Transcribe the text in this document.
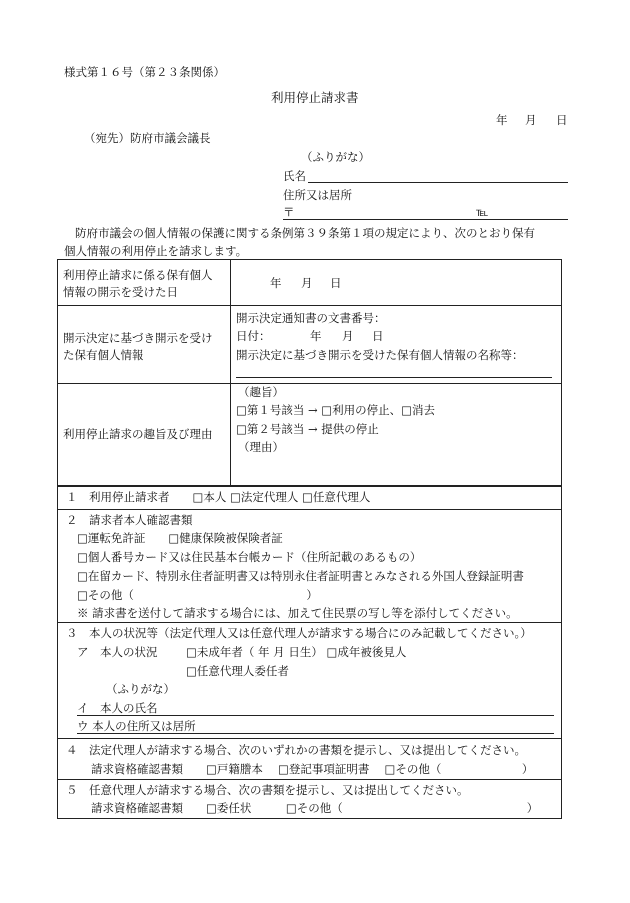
様式第１６号（第２３条関係）
利用停止請求書
年 月 日
（宛先）防府市議会議長
（ふりがな）
氏名
住所又は居所
〒	℡
防府市議会の個人情報の保護に関する条例第３９条第１項の規定により、次のとおり保有
個人情報の利用停止を請求します。
利用停止請求に係る保有個人
情報の開示を受けた日
年 月 日
開示決定に基づき開示を受け
た保有個人情報
開示決定通知書の文書番号：
日付：	年 月 日
開示決定に基づき開示を受けた保有個人情報の名称等：
利用停止請求の趣旨及び理由
（趣旨）
□第１号該当 → □利用の停止、□消去
□第２号該当 → 提供の停止
（理由）
１　利用停止請求者　　□本人 □法定代理人 □任意代理人
２　請求者本人確認書類
□運転免許証　　□健康保険被保険者証
□個人番号カード又は住民基本台帳カード（住所記載のあるもの）
□在留カード、特別永住者証明書又は特別永住者証明書とみなされる外国人登録証明書
□その他（　　　　　　　　　　　　　　　）
※ 請求書を送付して請求する場合には、加えて住民票の写し等を添付してください。
３　本人の状況等（法定代理人又は任意代理人が請求する場合にのみ記載してください。）
ア　本人の状況 □未成年者（ 年 月 日生） □成年被後見人
□任意代理人委任者
（ふりがな）
イ　本人の氏名
ウ 本人の住所又は居所
４　法定代理人が請求する場合、次のいずれかの書類を提示し、又は提出してください。
請求資格確認書類　　□戸籍謄本　 □登記事項証明書　 □その他（　　　　　　　）
５　任意代理人が請求する場合、次の書類を提示し、又は提出してください。
請求資格確認書類　　□委任状　　　□その他（　　　　　　　　　　　　　　　　）
